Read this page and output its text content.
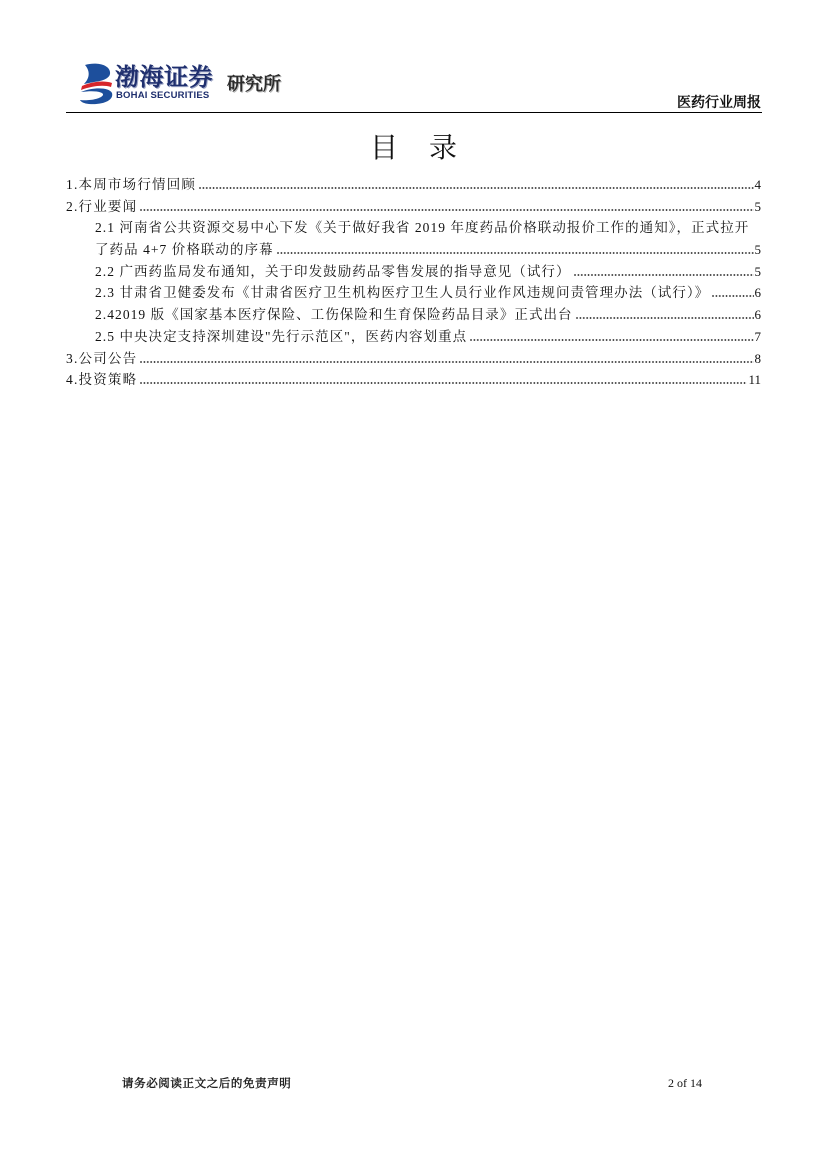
渤海证券
BOHAI SECURITIES
研究所
医药行业周报
目 录
1.本周市场行情回顾	4
2.行业要闻	5
2.1 河南省公共资源交易中心下发《关于做好我省 2019 年度药品价格联动报价工作的通知》，正式拉开
了药品 4+7 价格联动的序幕	5
2.2 广西药监局发布通知，关于印发鼓励药品零售发展的指导意见（试行）	5
2.3 甘肃省卫健委发布《甘肃省医疗卫生机构医疗卫生人员行业作风违规问责管理办法（试行）》	6
2.42019 版《国家基本医疗保险、工伤保险和生育保险药品目录》正式出台	6
2.5 中央决定支持深圳建设"先行示范区"，医药内容划重点	7
3.公司公告	8
4.投资策略	11
请务必阅读正文之后的免责声明	2 of 14
